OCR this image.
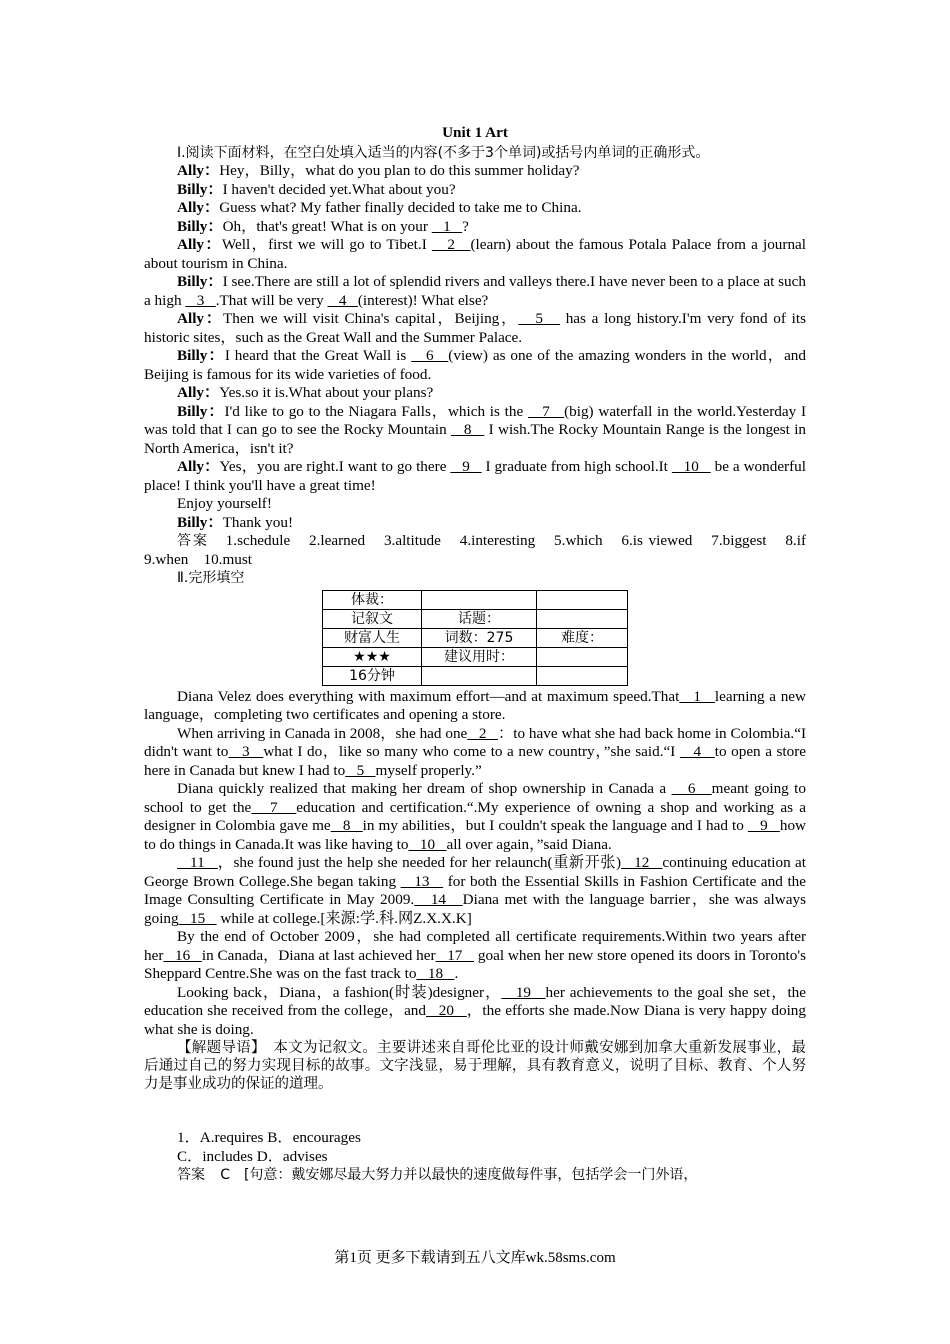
Unit 1 Art

Ⅰ.阅读下面材料，在空白处填入适当的内容(不多于3个单词)或括号内单词的正确形式。

Ally：Hey，Billy，what do you plan to do this summer holiday?

Billy：I haven't decided yet.What about you?

Ally：Guess what? My father finally decided to take me to China.

Billy：Oh，that's great! What is on your    1   ?

Ally：Well，first we will go to Tibet.I    2   (learn) about the famous Potala Palace from a journal about tourism in China.

Billy：I see.There are still a lot of splendid rivers and valleys there.I have never been to a place at such a high    3   .That will be very    4   (interest)! What else?

Ally：Then we will visit China's capital，Beijing，   5    has a long history.I'm very fond of its historic sites，such as the Great Wall and the Summer Palace.

Billy：I heard that the Great Wall is    6   (view) as one of the amazing wonders in the world，and Beijing is famous for its wide varieties of food.

Ally：Yes.so it is.What about your plans?

Billy：I'd like to go to the Niagara Falls，which is the    7   (big) waterfall in the world.Yesterday I was told that I can go to see the Rocky Mountain    8    I wish.The Rocky Mountain Range is the longest in North America，isn't it?

Ally：Yes，you are right.I want to go there    9    I graduate from high school.It    10    be a wonderful place! I think you'll have a great time!

Enjoy yourself!

Billy：Thank you!

答案　 1.schedule　2.learned　3.altitude　4.interesting　5.which　6.is viewed　7.biggest　8.if　9.when　10.must

Ⅱ.完形填空

体裁：		
记叙文	话题：	
财富人生	词数：275	难度：
★★★	建议用时：	
16分钟		

Diana Velez does everything with maximum effort—and at maximum speed.That   1   learning a new language，completing two certificates and opening a store.

When arriving in Canada in 2008，she had one   2   ：to have what she had back home in Colombia.“I didn't want to   3   what I do，like so many who come to a new country，”she said.“I    4   to open a store here in Canada but knew I had to   5   myself properly.”

Diana quickly realized that making her dream of shop ownership in Canada a    6   meant going to school to get the   7   education and certification.“.My experience of owning a shop and working as a designer in Colombia gave me   8   in my abilities，but I couldn't speak the language and I had to    9   how to do things in Canada.It was like having to   10   all over again，”said Diana.

11   ，she found just the help she needed for her relaunch(重新开张)   12   continuing education at George Brown College.She began taking    13    for both the Essential Skills in Fashion Certificate and the Image Consulting Certificate in May 2009.   14   Diana met with the language barrier，she was always going   15    while at college.[来源:学.科.网Z.X.X.K]

By the end of October 2009，she had completed all certificate requirements.Within two years after her   16   in Canada，Diana at last achieved her   17    goal when her new store opened its doors in Toronto's Sheppard Centre.She was on the fast track to   18   .

Looking back，Diana，a fashion(时装)designer，   19   her achievements to the goal she set，the education she received from the college，and   20   ，the efforts she made.Now Diana is very happy doing what she is doing.

【解题导语】　 本文为记叙文。主要讲述来自哥伦比亚的设计师戴安娜到加拿大重新发展事业，最后通过自己的努力实现目标的故事。文字浅显，易于理解，具有教育意义，说明了目标、教育、个人努力是事业成功的保证的道理。

1．A.requires B．encourages

C．includes D．advises

答案　 C　[句意：戴安娜尽最大努力并以最快的速度做每件事，包括学会一门外语，

第1页 更多下载请到五八文库wk.58sms.com
